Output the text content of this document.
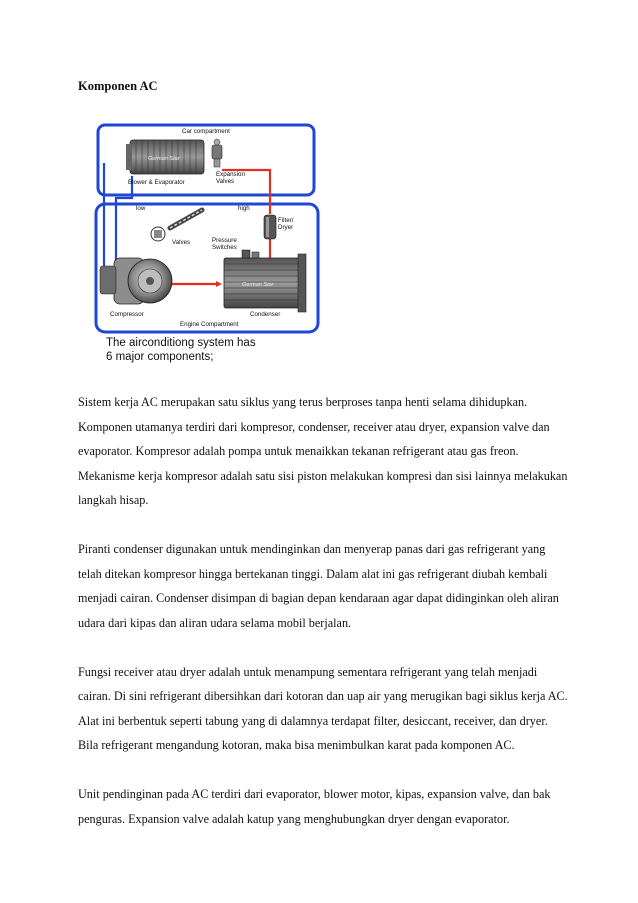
Komponen AC
German Star
German Star
Car compartment
Blower & Evaporator
Expansion
Valves
low	high
Filter/
Dryer
Valves	Pressure
Switches
Compressor	Condenser
Engine Compartment
The airconditiong system has
6 major components;

Sistem kerja AC merupakan satu siklus yang terus berproses tanpa henti selama dihidupkan. Komponen utamanya terdiri dari kompresor, condenser, receiver atau dryer, expansion valve dan evaporator. Kompresor adalah pompa untuk menaikkan tekanan refrigerant atau gas freon. Mekanisme kerja kompresor adalah satu sisi piston melakukan kompresi dan sisi lainnya melakukan langkah hisap.

Piranti condenser digunakan untuk mendinginkan dan menyerap panas dari gas refrigerant yang telah ditekan kompresor hingga bertekanan tinggi. Dalam alat ini gas refrigerant diubah kembali menjadi cairan. Condenser disimpan di bagian depan kendaraan agar dapat didinginkan oleh aliran udara dari kipas dan aliran udara selama mobil berjalan.

Fungsi receiver atau dryer adalah untuk menampung sementara refrigerant yang telah menjadi cairan. Di sini refrigerant dibersihkan dari kotoran dan uap air yang merugikan bagi siklus kerja AC. Alat ini berbentuk seperti tabung yang di dalamnya terdapat filter, desiccant, receiver, dan dryer. Bila refrigerant mengandung kotoran, maka bisa menimbulkan karat pada komponen AC.

Unit pendinginan pada AC terdiri dari evaporator, blower motor, kipas, expansion valve, dan bak penguras. Expansion valve adalah katup yang menghubungkan dryer dengan evaporator.
